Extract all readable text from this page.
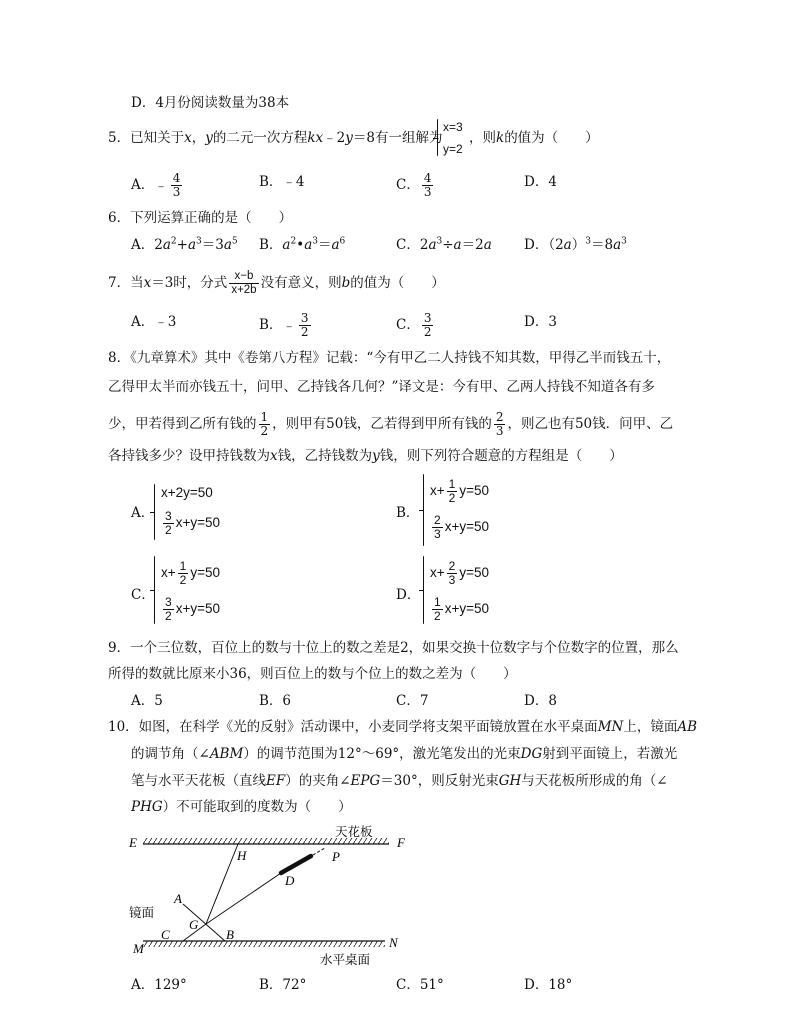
D．4月份阅读数量为38本
5．已知关于x，y的二元一次方程kx﹣2y＝8有一组解为
x=3
y=2
，则k的值为（　　）
A．﹣ $\frac{4}{3}$	B．﹣4	C． $\frac{4}{3}$	D．4
6．下列运算正确的是（　　）
A．$2a^2+a^3=3a^5$ B．$a^2•a^3=a^6$	C．$2a^3\div a=2a$ D．$(2a)^3=8a^3$
7．当x＝3时，分式 $\frac{x-b}{x+2b}$ 没有意义，则b的值为（　　）
A．﹣3	B．﹣ $\frac{3}{2}$	C． $\frac{3}{2}$	D．3
8．《九章算术》其中《卷第八方程》记载：“今有甲乙二人持钱不知其数，甲得乙半而钱五十，
乙得甲太半而亦钱五十，问甲、乙持钱各几何？”译文是：今有甲、乙两人持钱不知道各有多
少，甲若得到乙所有钱的 $\frac{1}{2}$ ，则甲有50钱，乙若得到甲所有钱的 $\frac{2}{3}$ ，则乙也有50钱．问甲、乙
各持钱多少？设甲持钱数为x钱，乙持钱数为y钱，则下列符合题意的方程组是（　　）
A．
x+2y=50
$\frac{3}{2} x+y=50$
B．
$x+ \frac{1}{2} y=50$
$\frac{2}{3} x+y=50$
C．
$x+ \frac{1}{2} y=50$
$\frac{3}{2} x+y=50$
D．
$x+ \frac{2}{3} y=50$
$\frac{1}{2} x+y=50$
9．一个三位数，百位上的数与十位上的数之差是2，如果交换十位数字与个位数字的位置，那么
所得的数就比原来小36，则百位上的数与个位上的数之差为（　　）
A．5	B．6	C．7	D．8
10．如图，在科学《光的反射》活动课中，小麦同学将支架平面镜放置在水平桌面MN上，镜面AB
的调节角（∠ABM）的调节范围为12°～69°，激光笔发出的光束DG射到平面镜上，若激光
笔与水平天花板（直线EF）的夹角∠EPG＝30°，则反射光束GH与天花板所形成的角（∠
PHG）不可能取到的度数为（　　）
E	F
天花板
H	P
D
A
镜面
G
C	B
M	N
水平桌面
A．129°	B．72°	C．51°	D．18°
